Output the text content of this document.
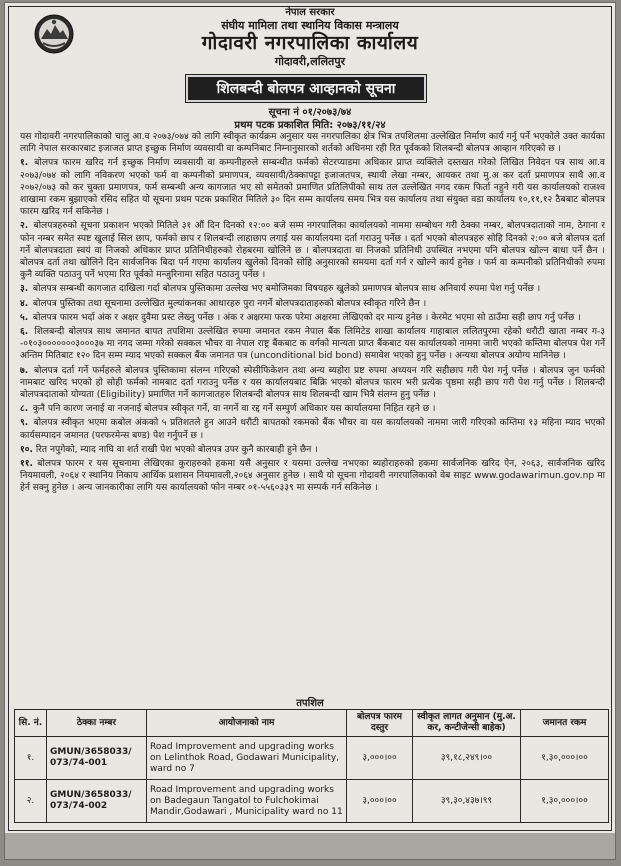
नेपाल सरकार
संघीय मामिला तथा स्थानिय विकास मन्त्रालय
गोदावरी नगरपालिका कार्यालय
गोदावरी,ललितपुर
शिलबन्दी बोलपत्र आव्हानको सूचना
सूचना नं ०१/२०७३/७४
प्रथम पटक प्रकाशित मिति: २०७३/११/२४

यस गोदावरी नगरपालिकाको चालु आ.व २०७३/०७४ को लागि स्वीकृत कार्यक्रम अनुसार यस नगरपालिका क्षेत्र भित्र तपशिलमा उल्लेखित निर्माण कार्य गर्नु पर्ने भएकोले उक्त कार्यका लागि नेपाल सरकारबाट इजाजत प्राप्त इच्छुक निर्माण व्यवसायी वा कम्पनिबाट निम्नानुसारको शर्तको अधिनमा रही रित पूर्वकको शिलबन्दी बोलपत्र आव्हान गरिएको छ ।

१. बोलपत्र फारम खरिद गर्न इच्छुक निर्माण व्यवसायी वा कम्पनीहरुले सम्बन्धीत फर्मको सेटरप्याडमा अधिकार प्राप्त व्यक्तिले दस्तखत गरेको लिखित निवेदन पत्र साथ आ.व २०७३/०७४ को लागि नविकरण भएको फर्म वा कम्पनीको प्रमाणपत्र, व्यवसायी/ठेक्कापट्टा इजाजतपत्र, स्थायी लेखा नम्बर, आयकर तथा मु.अ कर दर्ता प्रमाणपत्र साथै आ.व २०७२/०७३ को कर चुक्ता प्रमाणपत्र, फर्म सम्बन्धी अन्य कागजात भए सो समेतको प्रमाणित प्रतिलिपीको साथ तल उल्लेखित नगद रकम फिर्ता नहुने गरी यस कार्यालयको राजश्व शाखामा रकम बुझाएको रसिद सहित यो सूचना प्रथम पटक प्रकाशित मितिले ३० दिन सम्म कार्यालय समय भित्र यस कार्यालय तथा संयुक्त वडा कार्यालय १०,११,१२ ठैबबाट बोलपत्र फारम खरिद गर्न सकिनेछ ।

२. बोलपत्रहरुको सूचना प्रकाशन भएको मितिले ३१ औं दिन दिनको १२:०० बजे सम्म नगरपालिका कार्यालयको नाममा सम्बोधन गरी ठेक्का नम्बर, बोलपत्रदाताको नाम, ठेगाना र फोन नम्बर समेत स्पष्ट खुलाई सिल छाप, फर्मको छाप र शिलबन्दी लाहाछाप लगाई यस कार्यालयमा दर्ता गराउनु पर्नेछ । दर्ता भएको बोलपत्रहरु सोहि दिनको २:०० बजे बोलपत्र दर्ता गर्ने बोलपत्रदाता स्वयं वा निजको अधिकार प्राप्त प्रतिनिधीहरुको रोहबरमा खोलिने छ । बोलपत्रदाता वा निजको प्रतिनिधी उपस्थित नभएमा पनि बोलपत्र खोल्न बाधा पर्ने छैन । बोलपत्र दर्ता तथा खोलिने दिन सार्वजनिक बिदा पर्न गएमा कार्यालय खुलेको दिनको सोहि अनुसारको समयमा दर्ता गर्न र खोल्ने कार्य हुनेछ । फर्म वा कम्पनीको प्रतिनिधीको रुपमा कुनै व्यक्ति पठाउनु पर्ने भएमा रित पूर्वको मन्जुरिनामा सहित पठाउनु पर्नेछ ।

३. बोलपत्र सम्बन्धी कागजात दाखिला गर्दा बोलपत्र पुस्तिकामा उल्लेख भए बमोजिमका विषयहरु खुलेको प्रमाणपत्र बोलपत्र साथ अनिवार्य रुपमा पेश गर्नु पर्नेछ ।

४. बोलपत्र पुस्तिका तथा सूचनामा उल्लेखित मुल्यांकनका आधारहरु पुरा नगर्ने बोलपत्रदाताहरुको बोलपत्र स्वीकृत गरिने छैन ।

५. बोलपत्र फारम भर्दा अंक र अक्षर दुवैमा प्रस्ट लेख्नु पर्नेछ । अंक र अक्षरमा फरक परेमा अक्षरमा लेखिएको दर मान्य हुनेछ । केरमेट भएमा सो ठाउँमा सही छाप गर्नु पर्नेछ ।

६. शिलबन्दी बोलपत्र साथ जमानत बापत तपशिमा उल्लेखित रुपमा जमानत रकम नेपाल बैंक लिमिटेड शाखा कार्यालय गाहाबाल ललितपुरमा रहेको धरौटी खाता नम्बर ग-३ -०१०३०००००००३०००३७ मा नगद जम्मा गरेको सक्कल भौचर वा नेपाल राष्ट्र बैंकबाट क वर्गको मान्यता प्राप्त बैंकबाट यस कार्यालयको नाममा जारी भएको कम्तिमा बोलपत्र पेश गर्ने अन्तिम मितिबाट १२० दिन सम्म म्याद भएको सक्कल बैंक जमानत पत्र (unconditional bid bond) समावेश भएको हुनु पर्नेछ । अन्यथा बोलपत्र अयोग्य मानिनेछ ।

७. बोलपत्र दर्ता गर्ने फर्महरुले बोलपत्र पुस्तिकामा संलग्न गरिएको स्पेसीफिकेशन तथा अन्य ब्यहोरा प्रष्ट रुपमा अध्ययन गरि सहीछाप गरी पेश गर्नु पर्नेछ । बोलपत्र जुन फर्मको नामबाट खरिद भएको हो सोही फर्मको नामबाट दर्ता गराउनु पर्नेछ र यस कार्यालयबाट बिक्रि भएको बोलपत्र फारम भरी प्रत्येक पृष्ठमा सही छाप गरी पेश गर्नु पर्नेछ । शिलबन्दी बोलपत्रदाताको योग्यता (Eligibility) प्रमाणित गर्ने कागजातहरु शिलबन्दी बोलपत्र साथ शिलबन्दी खाम भित्रै संलग्न हुनु पर्नेछ ।

८. कुनै पनि कारण जनाई वा नजनाई बोलपत्र स्वीकृत गर्ने, वा नगर्ने वा रद्द गर्ने सम्पुर्ण अधिकार यस कार्यालयमा निहित रहने छ ।

९. बोलपत्र स्वीकृत भएमा कबोल अंकको ५ प्रतिशतले हुन आउने धरौटी बापतको रकमको बैंक भौचर वा यस कार्यालयको नाममा जारी गरिएको कम्तिमा १३ महिना म्याद भएको कार्यसम्पादन जमानत (परफरमेन्स बण्ड) पेश गर्नुपर्ने छ ।

१०. रित नपुगेको, म्याद नाघि वा शर्त राखी पेश भएको बोलपत्र उपर कुनै कारबाही हुने छैन ।

११. बोलपत्र फारम र यस सूचनामा लेखिएका कुराहरुको हकमा यसै अनुसार र यसमा उल्लेख नभएका ब्यहोराहरुको हकमा सार्वजनिक खरिद ऐन, २०६३, सार्वजनिक खरिद नियमावली, २०६४ र स्थानिय निकाय आर्थिक प्रशासन नियमावली,२०६४ अनुसार हुनेछ । साथै यो सूचना गोदावरी नगरपालिकाको वेब साइट www.godawarimun.gov.np मा हेर्न सक्नु हुनेछ । अन्य जानकारीका लागि यस कार्यालयको फोन नम्बर ०१-५५६०३३९ मा सम्पर्क गर्न सकिनेछ ।

तपशिल
सि. नं.	ठेक्का नम्बर	आयोजनाको नाम	बोलपत्र फारम दस्तुर	स्वीकृत लागत अनुमान (मु.अ. कर, कन्टीजेन्सी बाहेक)	जमानत रकम
१.	GMUN/3658033/ 073/74-001	Road Improvement and upgrading works on Lelinthok Road, Godawari Municipality, ward no 7	३,०००।००	३९,१८,२४९।००	१,३०,०००।००
२.	GMUN/3658033/ 073/74-002	Road Improvement and upgrading works on Badegaun Tangatol to Fulchokimai Mandir,Godawari , Municipality ward no 11	३,०००।००	३९,३०,४३७।९९	१,३०,०००।००
